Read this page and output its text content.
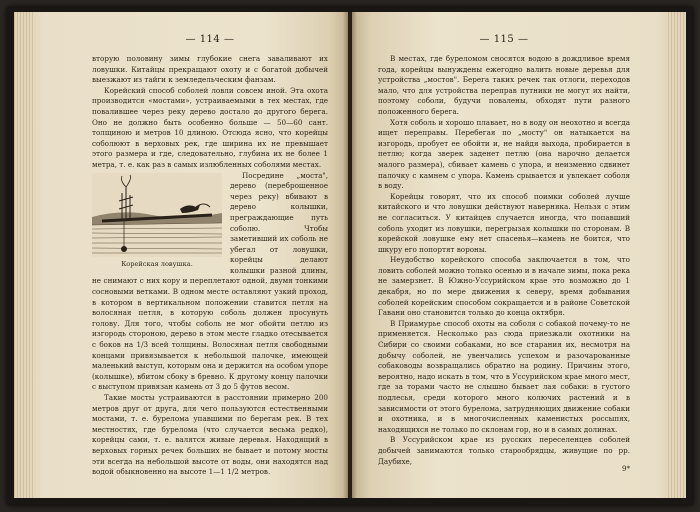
— 114 —

вторую половину зимы глубокие снега заваливают их ловушки. Китайцы прекращают охоту и с богатой добычей выезжают из тайги к земледельческим фанзам.

Корейский способ соболей ловли совсем иной. Эта охота производится «мостами», устраиваемыми в тех местах, где повалившее через реку дерево достало до другого берега. Оно не должно быть особенно больше — 50—60 сант. толщиною и метров 10 длиною. Отсюда ясно, что корейцы соболюют в верховых рек, где ширина их не превышает этого размера и где, следовательно, глубина их не более 1 метра, т. е. как раз в самых излюбленных соболями местах.

Корейская ловушка.

Посредине „моста", дерево (переброшенное через реку) вбивают в дерево колышки, преграждающие путь соболю. Чтобы заметивший их соболь не убегал от ловушки, корейцы делают колышки разной длины, не снимают с них кору и переплетают одной, двумя тонкими сосновыми ветками. В одном месте оставляют узкий проход, в котором в вертикальном положении ставится петля на волосяная петля, в которую соболь должен просунуть голову. Для того, чтобы соболь не мог обойти петлю из изгородь стороною, дерево в этом месте гладко отесывается с боков на 1/3 всей толщины. Волосяная петля свободными концами привязывается к небольшой палочке, имеющей маленький выступ, которым она и держится на особом упоре (колышке), вбитом сбоку в бревно. К другому концу палочки с выступом привязан камень от 3 до 5 футов весом.

Такие мосты устраиваются в расстоянии примерно 200 метров друг от друга, для чего пользуются естественными мостами, т. е. бурелома упавшими по берегам рек. В тех местностях, где бурелома (что случается весьма редко), корейцы сами, т. е. валятся живые деревья. Находящий в верховых горных речек больших не бывает и потому мосты эти всегда на небольшой высоте от воды, они находятся над водой обыкновенно на высоте 1—1 1/2 метров.

— 115 —

В местах, где буреломом сносятся водою в дождливое время года, корейцы вынуждены ежегодно валить новые деревья для устройства „мостов". Берега таких речек так отлоги, переходов мало, что для устройства переправ путники не могут их найти, поэтому соболи, будучи повалены, обходят пути разного положенного берега.

Хотя соболь и хорошо плавает, но в воду он неохотно и всегда ищет переправы. Перебегая по „мосту" он натыкается на изгородь, пробует ее обойти и, не найдя выхода, пробирается в петлю; когда зверек заденет петлю (она нарочно делается малого размера), сбивает камень с упора, и неизменно сдвинет палочку с камнем с упора. Камень срывается и увлекает соболя в воду.

Корейцы говорят, что их способ поимки соболей лучше китайского и что ловушки действуют наверняка. Нельзя с этим не согласиться. У китайцев случается иногда, что попавший соболь уходит из ловушки, перегрызая колышки по сторонам. В корейской ловушке ему нет спасенья—камень не боится, что шкуру его попортят вороны.

Неудобство корейского способа заключается в том, что ловить соболей можно только осенью и в начале зимы, пока река не замерзнет. В Южно-Уссурийском крае это возможно до 1 декабря, но по мере движения к северу, время добывания соболей корейским способом сокращается и в районе Советской Гавани оно становится только до конца октября.

В Приамурье способ охоты на соболя с собакой почему-то не применяется. Несколько раз сюда приезжали охотники на Сибири со своими собаками, но все старания их, несмотря на добычу соболей, не увенчались успехом и разочарованные собаководы возвращались обратно на родину. Причины этого, вероятно, надо искать в том, что в Уссурийском крае много мест, где за торами часто не слышно бывает лая собаки: в густого подлесья, среди которого много колючих растений и в зависимости от этого бурелома, затрудняющих движение собаки и охотника, и в многочисленных каменистых россыпях, находящихся не только по склонам гор, но и в самых долинах.

В Уссурийском крае из русских переселенцев соболей добычей занимаются только старообрядцы, живущие по рр. Даубихе,

9*
